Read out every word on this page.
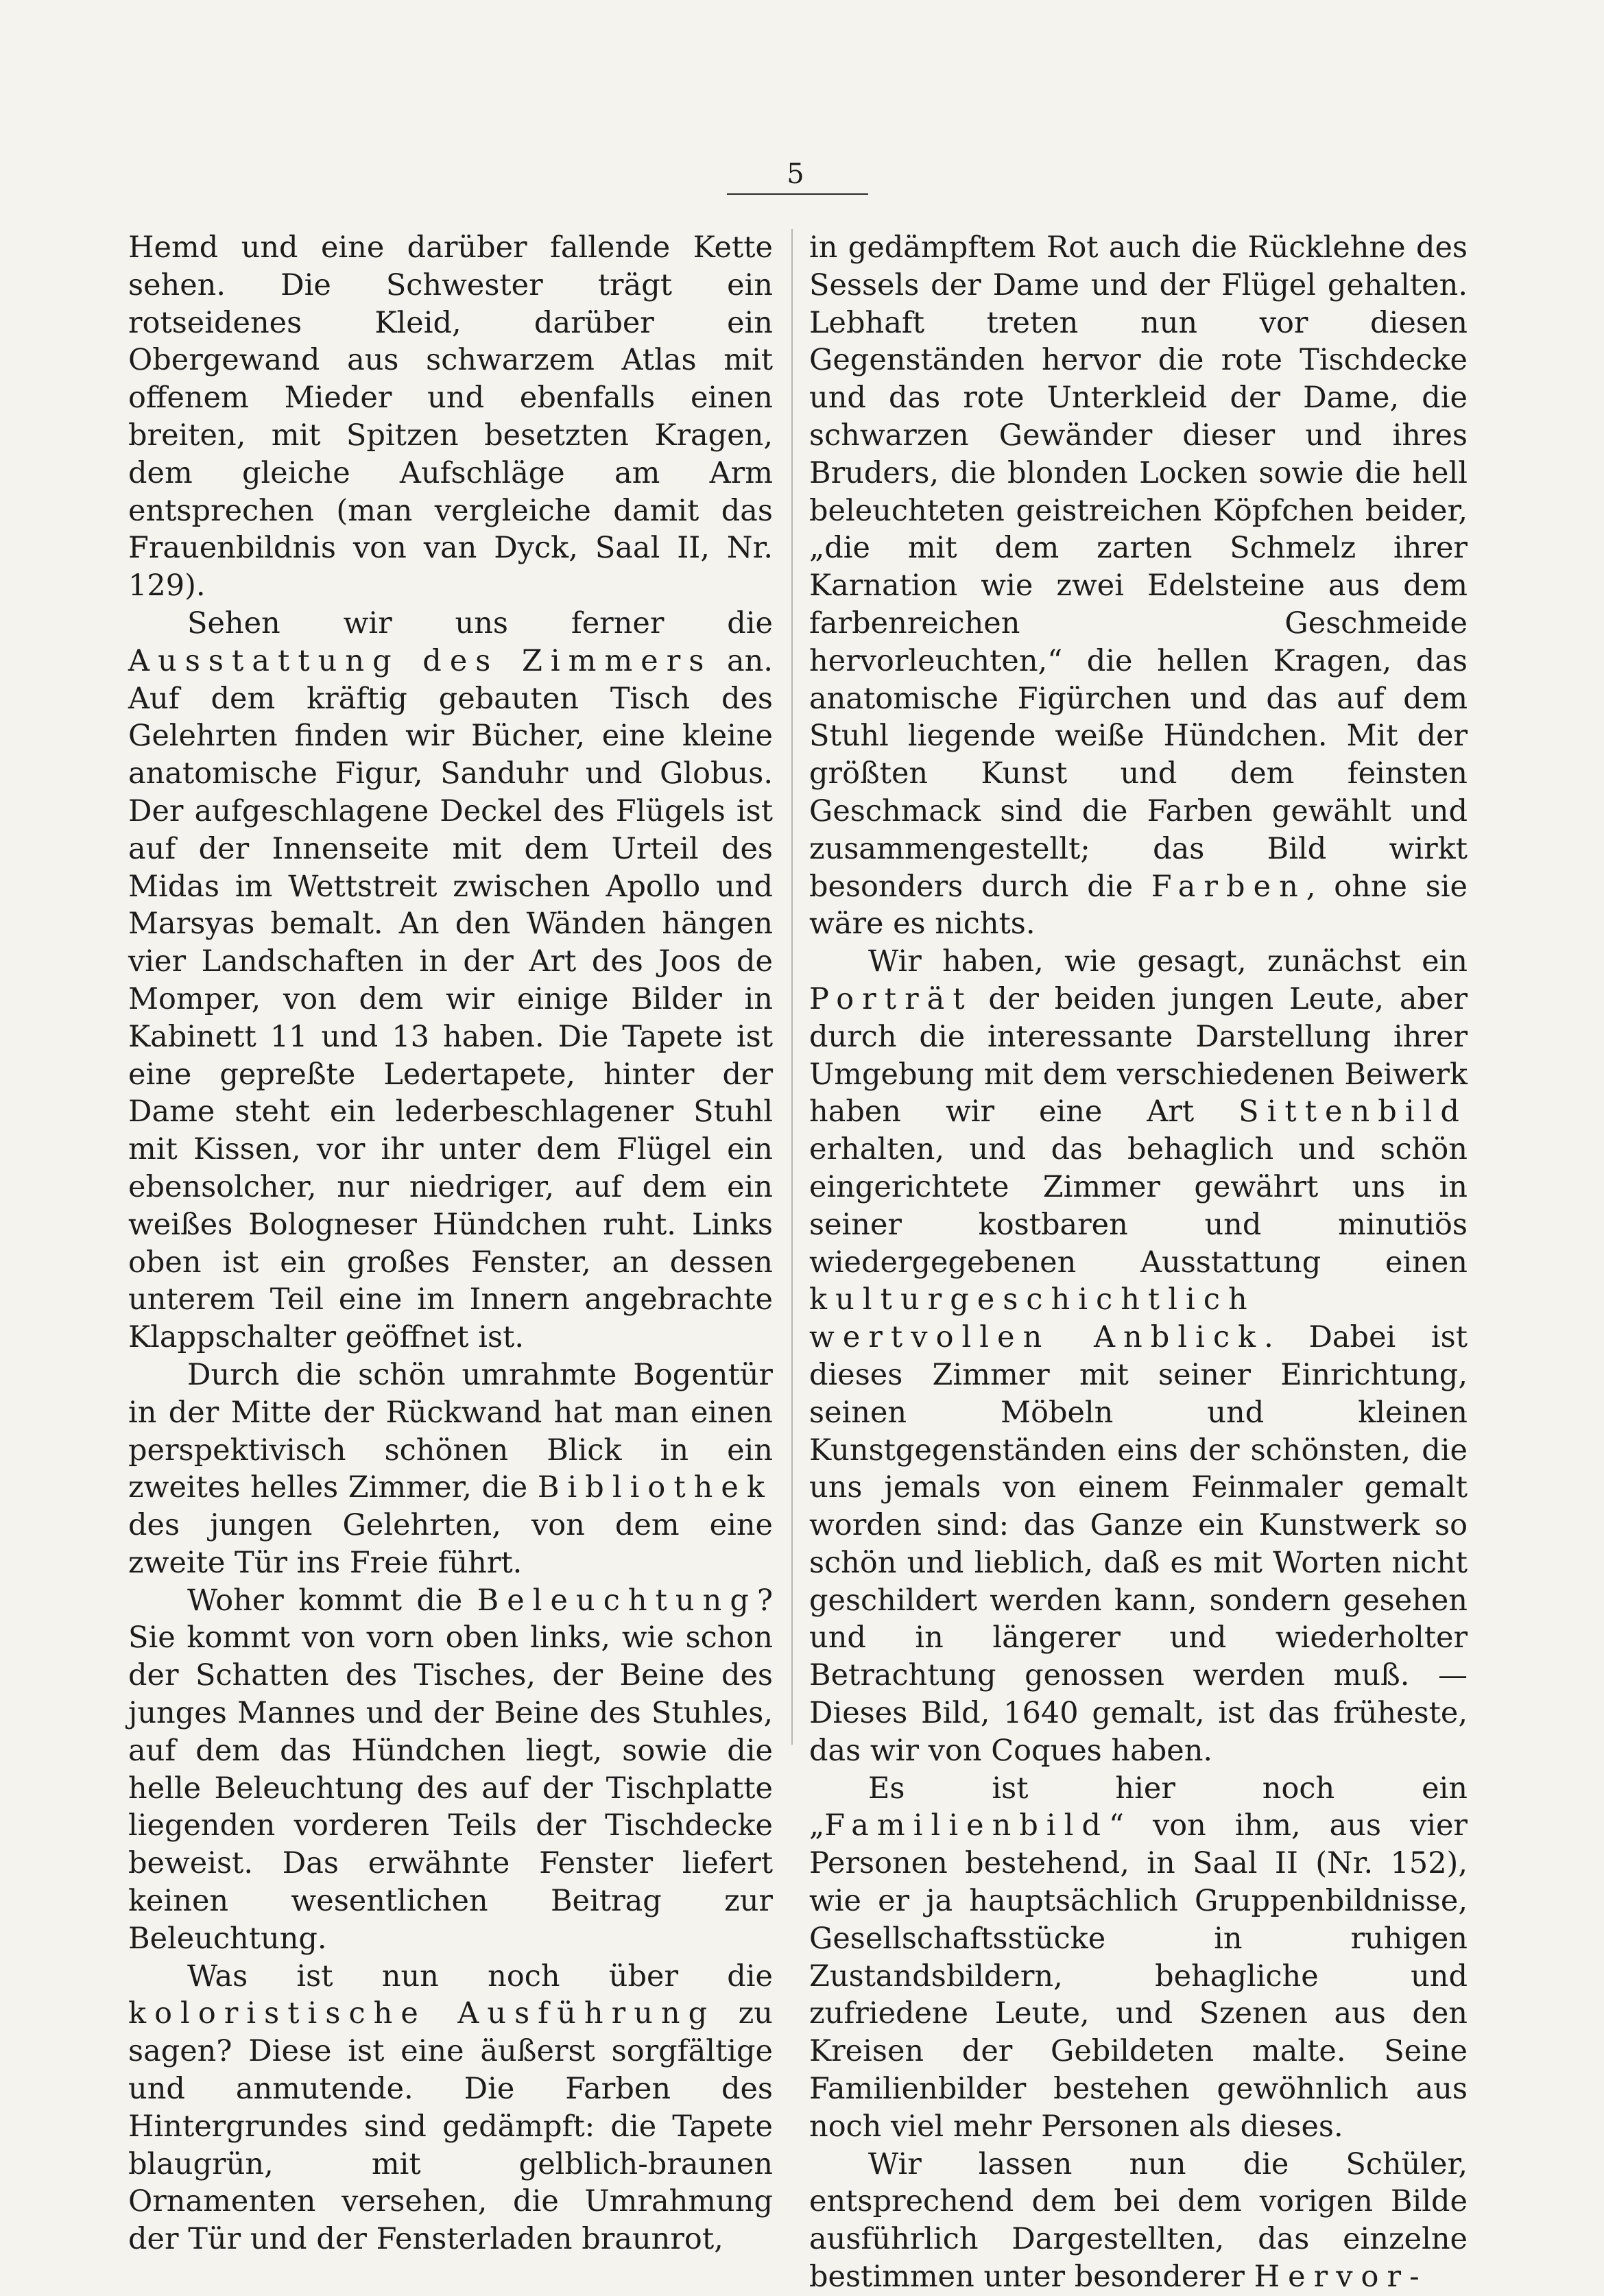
5

Hemd und eine darüber fallende Kette sehen. Die Schwester trägt ein rotseidenes Kleid, darüber ein Obergewand aus schwarzem Atlas mit offenem Mieder und ebenfalls einen breiten, mit Spitzen besetzten Kragen, dem gleiche Aufschläge am Arm entsprechen (man vergleiche damit das Frauenbildnis von van Dyck, Saal II, Nr. 129).

Sehen wir uns ferner die Ausstattung des Zimmers an. Auf dem kräftig gebauten Tisch des Gelehrten finden wir Bücher, eine kleine anatomische Figur, Sanduhr und Globus. Der aufgeschlagene Deckel des Flügels ist auf der Innenseite mit dem Urteil des Midas im Wettstreit zwischen Apollo und Marsyas bemalt. An den Wänden hängen vier Landschaften in der Art des Joos de Momper, von dem wir einige Bilder in Kabinett 11 und 13 haben. Die Tapete ist eine gepreßte Ledertapete, hinter der Dame steht ein lederbeschlagener Stuhl mit Kissen, vor ihr unter dem Flügel ein ebensolcher, nur niedriger, auf dem ein weißes Bologneser Hündchen ruht. Links oben ist ein großes Fenster, an dessen unterem Teil eine im Innern angebrachte Klappschalter geöffnet ist.

Durch die schön umrahmte Bogentür in der Mitte der Rückwand hat man einen perspektivisch schönen Blick in ein zweites helles Zimmer, die Bibliothek des jungen Gelehrten, von dem eine zweite Tür ins Freie führt.

Woher kommt die Beleuchtung? Sie kommt von vorn oben links, wie schon der Schatten des Tisches, der Beine des junges Mannes und der Beine des Stuhles, auf dem das Hündchen liegt, sowie die helle Beleuchtung des auf der Tischplatte liegenden vorderen Teils der Tischdecke beweist. Das erwähnte Fenster liefert keinen wesentlichen Beitrag zur Beleuchtung.

Was ist nun noch über die koloristische Ausführung zu sagen? Diese ist eine äußerst sorgfältige und anmutende. Die Farben des Hintergrundes sind gedämpft: die Tapete blaugrün, mit gelblich-braunen Ornamenten versehen, die Umrahmung der Tür und der Fensterladen braunrot,

in gedämpftem Rot auch die Rücklehne des Sessels der Dame und der Flügel gehalten. Lebhaft treten nun vor diesen Gegenständen hervor die rote Tischdecke und das rote Unterkleid der Dame, die schwarzen Gewänder dieser und ihres Bruders, die blonden Locken sowie die hell beleuchteten geistreichen Köpfchen beider, „die mit dem zarten Schmelz ihrer Karnation wie zwei Edelsteine aus dem farbenreichen Geschmeide hervorleuchten,“ die hellen Kragen, das anatomische Figürchen und das auf dem Stuhl liegende weiße Hündchen. Mit der größten Kunst und dem feinsten Geschmack sind die Farben gewählt und zusammengestellt; das Bild wirkt besonders durch die Farben, ohne sie wäre es nichts.

Wir haben, wie gesagt, zunächst ein Porträt der beiden jungen Leute, aber durch die interessante Darstellung ihrer Umgebung mit dem verschiedenen Beiwerk haben wir eine Art Sittenbild erhalten, und das behaglich und schön eingerichtete Zimmer gewährt uns in seiner kostbaren und minutiös wiedergegebenen Ausstattung einen kulturgeschichtlich wertvollen Anblick. Dabei ist dieses Zimmer mit seiner Einrichtung, seinen Möbeln und kleinen Kunstgegenständen eins der schönsten, die uns jemals von einem Feinmaler gemalt worden sind: das Ganze ein Kunstwerk so schön und lieblich, daß es mit Worten nicht geschildert werden kann, sondern gesehen und in längerer und wiederholter Betrachtung genossen werden muß. — Dieses Bild, 1640 gemalt, ist das früheste, das wir von Coques haben.

Es ist hier noch ein „Familienbild“ von ihm, aus vier Personen bestehend, in Saal II (Nr. 152), wie er ja hauptsächlich Gruppenbildnisse, Gesellschaftsstücke in ruhigen Zustandsbildern, behagliche und zufriedene Leute, und Szenen aus den Kreisen der Gebildeten malte. Seine Familienbilder bestehen gewöhnlich aus noch viel mehr Personen als dieses.

Wir lassen nun die Schüler, entsprechend dem bei dem vorigen Bilde ausführlich Dargestellten, das einzelne bestimmen unter besonderer Hervor-
